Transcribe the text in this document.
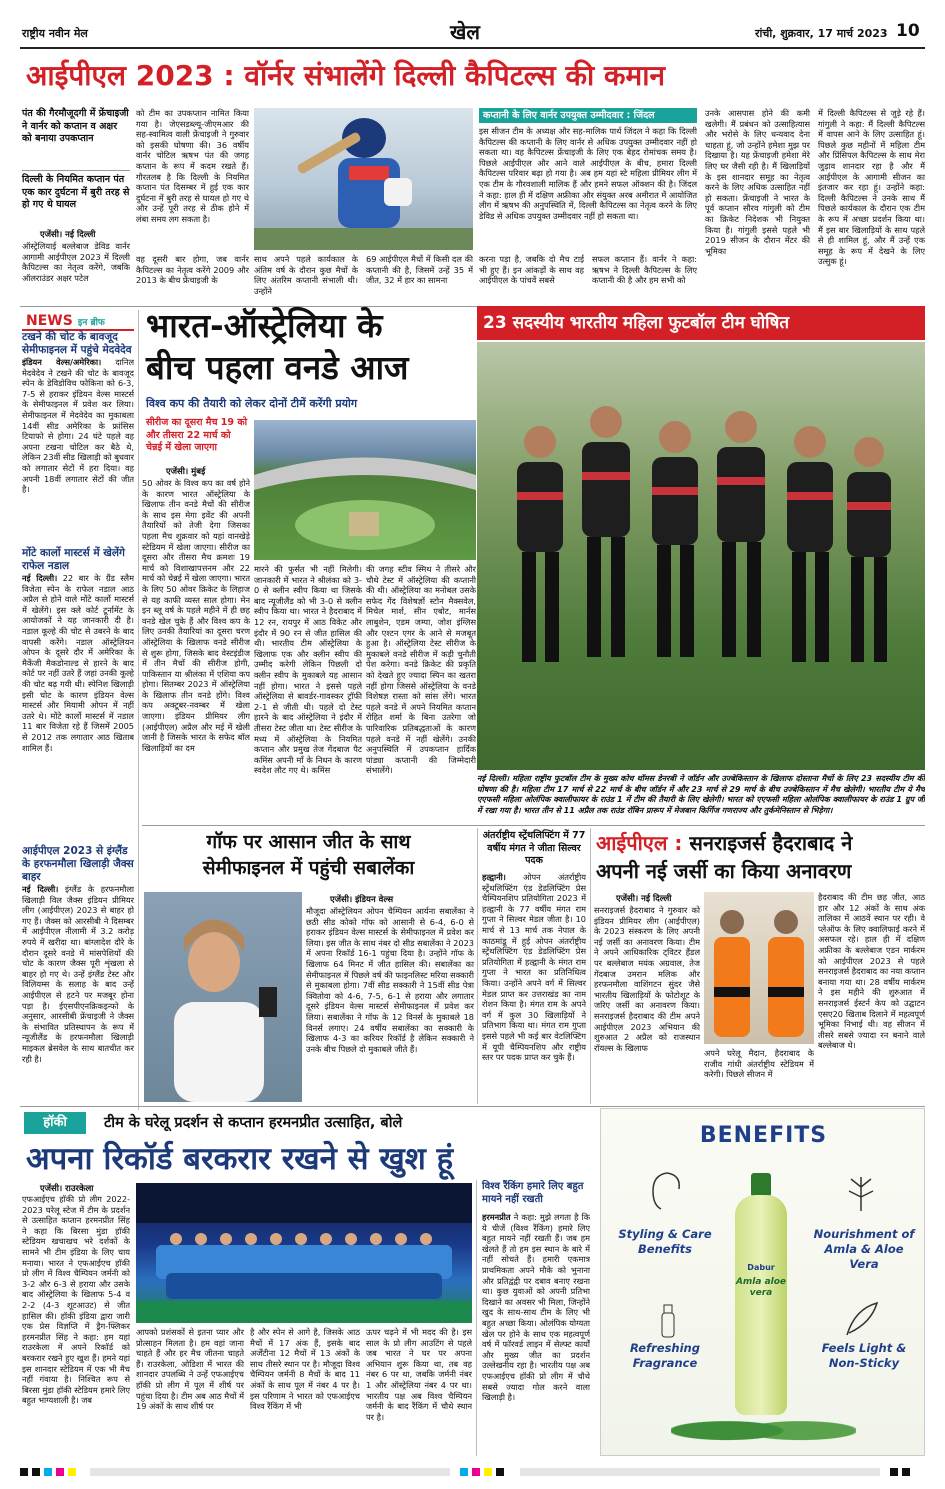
राष्ट्रीय नवीन मेल	खेल	रांची, शुक्रवार, 17 मार्च 2023 10
आईपीएल 2023 : वॉर्नर संभालेंगे दिल्ली कैपिटल्स की कमान
पंत की गैरमौजूदगी में फ्रेंचाइजी ने वार्नर को कप्तान व अक्षर को बनाया उपकप्तान
दिल्ली के नियमित कप्तान पंत एक कार दुर्घटना में बुरी तरह से हो गए थे घायल
एजेंसी। नई दिल्ली
ऑस्ट्रेलियाई बल्लेबाज डेविड वार्नर आगामी आईपीएल 2023 में दिल्ली कैपिटल्स का नेतृत्व करेंगे, जबकि ऑलराउंडर अक्षर पटेल
को टीम का उपकप्तान नामित किया गया है। जेएसडब्ल्यू-जीएमआर की सह-स्वामित्व वाली फ्रेंचाइजी ने गुरुवार को इसकी घोषणा की। 36 वर्षीय वार्नर चोटिल ऋषभ पंत की जगह कप्तान के रूप में कदम रखते हैं। गौरतलब है कि दिल्ली के नियमित कप्तान पंत दिसम्बर में हुई एक कार दुर्घटना में बुरी तरह से घायल हो गए थे और उन्हें पूरी तरह से ठीक होने में लंबा समय लग सकता है।
वह दूसरी बार होगा, जब वार्नर कैपिटल्स का नेतृत्व करेंगे 2009 और 2013 के बीच फ्रेंचाइजी के
साथ अपने पहले कार्यकाल के अंतिम वर्ष के दौरान कुछ मैचों के लिए अंतरिम कप्तानी संभाली थी। उन्होंने
69 आईपीएल मैचों में किसी दल की कप्तानी की है, जिसमें उन्हें 35 में जीत, 32 में हार का सामना
कप्तानी के लिए वार्नर उपयुक्त उम्मीदवार : जिंदल
इस सीजन टीम के अध्यक्ष और सह-मालिक पार्थ जिंदल ने कहा कि दिल्ली कैपिटल्स की कप्तानी के लिए वार्नर से अधिक उपयुक्त उम्मीदवार नहीं हो सकता था। वह कैपिटल्स फ्रेंचाइजी के लिए एक बेहद रोमांचक समय है। पिछले आईपीएल और आने वाले आईपीएल के बीच, हमारा दिल्ली कैपिटल्स परिवार बढ़ा हो गया है। अब हम यहां स्टे महिला प्रीमियर लीग में एक टीम के गौरवशाली मालिक हैं और हमने सफल ऑक्शन की है। जिंदल ने कहा: हाल ही में दक्षिण अफ्रीका और संयुक्त अरब अमीरात में आयोजित लीग में ऋषभ की अनुपस्थिति में, दिल्ली कैपिटल्स का नेतृत्व करने के लिए डेविड से अधिक उपयुक्त उम्मीदवार नहीं हो सकता था।
करना पड़ा है, जबकि दो मैच टाई भी हुए हैं। इन आंकड़ों के साथ वह आईपीएल के पांचवें सबसे
सफल कप्तान हैं। वार्नर ने कहा: ऋषभ ने दिल्ली कैपिटल्स के लिए कप्तानी की है और हम सभी को
उनके आसपास होने की कमी खलेगी। मैं प्रबंधन को उत्साहित्यास और भरोसे के लिए धन्यवाद देना चाहता हूं, जो उन्होंने हमेशा मुझ पर दिखाया है। यह फ्रेंचाइजी हमेशा मेरे लिए घर जैसी रही है। मैं खिलाड़ियों के इस शानदार समूह का नेतृत्व करने के लिए अधिक उत्साहित नहीं हो सकता। फ्रेंचाइजी ने भारत के पूर्व कप्तान सौरव गांगुली को टीम का क्रिकेट निदेशक भी नियुक्त किया है। गांगुली इससे पहले भी 2019 सीजन के दौरान मेंटर की भूमिका
में दिल्ली कैपिटल्स से जुड़े रहे हैं। गांगुली ने कहा: मैं दिल्ली कैपिटल्स में वापस आने के लिए उत्साहित हूं। पिछले कुछ महीनों में महिला टीम और प्रिंसिपल कैपिटल्स के साथ मेरा जुड़ाव शानदार रहा है और मैं आईपीएल के आगामी सीजन का इंतजार कर रहा हूं। उन्होंने कहा: दिल्ली कैपिटल्स ने उनके साथ मैं पिछले कार्यकाल के दौरान एक टीम के रूप में अच्छा प्रदर्शन किया था। मैं इस बार खिलाड़ियों के साथ पहले से ही शामिल हूं, और मैं उन्हें एक समूह के रूप में देखने के लिए उत्सुक हूं।
NEWS इन ब्रीफ
टखने की चोट के बावजूद सेमीफाइनल में पहुंचे मेदवेदेव
इंडियन वेल्स/अमेरिका। दानिल मेदवेदेव ने टखने की चोट के बावजूद स्पेन के डेविडोविच फोकिना को 6-3, 7-5 से हराकर इंडियन वेल्स मास्टर्स के सेमीफाइनल में प्रवेश कर लिया। सेमीफाइनल में मेदवेदेव का मुकाबला 14वीं सीड अमेरिका के फ्रांसिस टियाफो से होगा। 24 घंटे पहले वह अपना टखना चोटिल कर बैठे थे, लेकिन 23वीं सीड खिलाड़ी को बुधवार को लगातार सेटों में हरा दिया। वह अपनी 18वीं लगातार सेटों की जीत है।
मोंटे कार्लो मास्टर्स में खेलेंगे राफेल नडाल
नई दिल्ली। 22 बार के ग्रैंड स्लैम विजेता स्पेन के राफेल नडाल आठ अप्रैल से होने वाले मोंटे कार्लो मास्टर्स में खेलेंगे। इस क्ले कोर्ट टूर्नामेंट के आयोजकों ने यह जानकारी दी है। नडाल कूल्हे की चोट से उबरने के बाद वापसी करेंगे। नडाल ऑस्ट्रेलियन ओपन के दूसरे दौर में अमेरिका के मैकेंजी मैकडोनाल्ड से हारने के बाद कोर्ट पर नहीं उतरे हैं जहां उनकी कूल्हे की चोट बढ़ गयी थी। स्पेनिश खिलाड़ी इसी चोट के कारण इंडियन वेल्स मास्टर्स और मियामी ओपन में नहीं उतरे थे। मोंटे कार्लो मास्टर्स में नडाल 11 बार विजेता रहे हैं जिसमें 2005 से 2012 तक लगातार आठ खिताब शामिल हैं।
आईपीएल 2023 से इंग्लैंड के हरफनमौला खिलाड़ी जैक्स बाहर
नई दिल्ली। इंग्लैंड के हरफनमौला खिलाड़ी विल जैक्स इंडियन प्रीमियर लीग (आईपीएल) 2023 से बाहर हो गए हैं। जैक्स को आरसीबी ने दिसम्बर में आईपीएल नीलामी में 3.2 करोड़ रुपये में खरीदा था। बांग्लादेश दौरे के दौरान दूसरे वनडे में मांसपेशियों की चोट के कारण जैक्स पूरी शृंखला से बाहर हो गए थे। उन्हें इंग्लैंड टेस्ट और विलियम्स के सलाह के बाद उन्हें आईपीएल से हटने पर मजबूर होना पड़ा है। ईएसपीएनक्रिकइन्फो के अनुसार, आरसीबी फ्रेंचाइजी ने जैक्स के संभावित प्रतिस्थापन के रूप में न्यूजीलैंड के हरफनमौला खिलाड़ी माइकल ब्रेसवेल के साथ बातचीत कर रही है।
भारत-ऑस्ट्रेलिया के
बीच पहला वनडे आज
विश्व कप की तैयारी को लेकर दोनों टीमें करेंगी प्रयोग
सीरीज का दूसरा मैच 19 को और तीसरा 22 मार्च को चेन्नई में खेला जाएगा
एजेंसी। मुंबई
50 ओवर के विश्व कप का वर्ष होने के कारण भारत ऑस्ट्रेलिया के खिलाफ तीन वनडे मैचों की सीरीज के साथ इस मेगा इवेंट की अपनी तैयारियों को तेजी देगा जिसका पहला मैच शुक्रवार को यहां वानखेड़े स्टेडियम में खेला जाएगा। सीरीज का दूसरा और तीसरा मैच क्रमशः 19 मार्च को विशाखापत्तनम और 22 मार्च को चेन्नई में खेला जाएगा। भारत के लिए 50 ओवर क्रिकेट के लिहाज से यह काफी व्यस्त साल होगा। मेन इन ब्लू वर्ष के पहले महीने में ही छह वनडे खेल चुके हैं और विश्व कप के लिए उनकी तैयारियां का दूसरा चरण ऑस्ट्रेलिया के खिलाफ वनडे सीरीज से शुरू होगा, जिसके बाद वेस्टइंडीज में तीन मैचों की सीरीज होगी, पाकिस्तान या श्रीलंका में एशिया कप होगा। सितम्बर 2023 में ऑस्ट्रेलिया के खिलाफ तीन वनडे होंगे। विश्व कप अक्टूबर-नवम्बर में खेला जाएगा। इंडियन प्रीमियर लीग (आईपीएल) अप्रैल और मई में खेली जानी है जिसके भारत के सफेद बॉल खिलाड़ियों का दम
मारने की फुर्सत भी नहीं मिलेगी। जानकारी में भारत ने श्रीलंका को 3-0 से क्लीन स्वीप किया था जिसके बाद न्यूजीलैंड को भी 3-0 से क्लीन स्वीप किया था। भारत ने हैदराबाद में 12 रन, रायपुर में आठ विकेट और इंदौर में 90 रन से जीत हासिल की थी। भारतीय टीम ऑस्ट्रेलिया के खिलाफ एक और क्लीन स्वीप की उम्मीद करेगी लेकिन पिछली दो क्लीन स्वीप के मुकाबले यह आसान नहीं होगा। भारत ने इससे पहले ऑस्ट्रेलिया से बावर्डर-गावस्कर ट्रॉफी 2-1 से जीती थी। पहले दो टेस्ट हारने के बाद ऑस्ट्रेलिया ने इंदौर में तीसरा टेस्ट जीता था। टेस्ट सीरीज के मध्य में ऑस्ट्रेलिया के नियमित कप्तान और प्रमुख तेज गेंदबाज पैट कमिंस अपनी माँ के निधन के कारण स्वदेश लौट गए थे। कमिंस
की जगह स्टीव स्मिथ ने तीसरे और चौथे टेस्ट में ऑस्ट्रेलिया की कप्तानी की थी। ऑस्ट्रेलिया का मनोबल उसके सफेद गेंद विशेषज्ञों स्टोन मैक्सवेल, मिचेल मार्श, सीन एबोट, मार्नस लाबुशेन, एडम जम्पा, जोश इंग्लिस और एश्टन एगर के आने से मजबूत हुआ है। ऑस्ट्रेलिया टेस्ट सीरीज के मुकाबले वनडे सीरीज में कड़ी चुनौती पेश करेगा। वनडे क्रिकेट की प्रकृति को देखते हुए ज्यादा स्पिन का खतरा नहीं होगा जिससे ऑस्ट्रेलिया के वनडे विशेषज्ञ रास्ता को सांस लेंगे। भारत पहले वनडे में अपने नियमित कप्तान रोहित शर्मा के बिना उतरेगा जो पारिवारिक प्रतिबद्धताओं के कारण पहले वनडे में नहीं खेलेंगे। उनकी अनुपस्थिति में उपकप्तान हार्दिक पांड्या कप्तानी की जिम्मेदारी संभालेंगे।
23 सदस्यीय भारतीय महिला फुटबॉल टीम घोषित
नई दिल्ली। महिला राष्ट्रीय फुटबॉल टीम के मुख्य कोच थॉमस डेनरबी ने जॉर्डन और उज्बेकिस्तान के खिलाफ दोस्ताना मैचों के लिए 23 सदस्यीय टीम की घोषणा की है। महिला टीम 17 मार्च से 22 मार्च के बीच जॉर्डन में और 23 मार्च से 29 मार्च के बीच उज्बेकिस्तान में मैच खेलेगी। भारतीय टीम ये मैच एएफसी महिला ओलंपिक क्वालीफायर के राउंड 1 में टीम की तैयारी के लिए खेलेगी। भारत को एएफसी महिला ओलंपिक क्वालीफायर के राउंड 1 ग्रुप जी में रखा गया है। भारत तीन से 11 अप्रैल तक राउंड रॉबिन प्रारूप में मेजबान किर्गिज गणराज्य और तुर्कमेनिस्तान से भिड़ेगा।
गॉफ पर आसान जीत के साथ
सेमीफाइनल में पहुंची सबालेंका
एजेंसी। इंडियन वेल्स
मौजूदा ऑस्ट्रेलियन ओपन चैम्पियन आर्यना सबालेंका ने छठी सीड कोको गॉफ को आसानी से 6-4, 6-0 से हराकर इंडियन वेल्स मास्टर्स के सेमीफाइनल में प्रवेश कर लिया। इस जीत के साथ नंबर दो सीड सबालेंका ने 2023 में अपना रिकॉर्ड 16-1 पहुंचा दिया है। उन्होंने गॉफ के खिलाफ 64 मिनट में जीत हासिल की। सबालेंका का सेमीफाइनल में पिछले वर्ष की फाइनलिस्ट मरिया सक्कारी से मुकाबला होगा। 7वीं सीड सक्कारी ने 15वीं सीड पेत्रा क्वितोवा को 4-6, 7-5, 6-1 से हराया और लगातार दूसरे इंडियन वेल्स मास्टर्स सेमीफाइनल में प्रवेश कर लिया। सबालेंका ने गॉफ के 12 विनर्स के मुकाबले 18 विनर्स लगाए। 24 वर्षीय सबालेंका का सक्कारी के खिलाफ 4-3 का करियर रिकॉर्ड है लेकिन सक्कारी ने उनके बीच पिछले दो मुकाबले जीते हैं।
अंतर्राष्ट्रीय स्ट्रेंथलिफ्टिंग में 77 वर्षीय मंगत ने जीता सिल्वर पदक
हल्द्वानी। ओपन अंतर्राष्ट्रीय स्ट्रेंथलिफ्टिंग एंड डेडलिफ्टिंग प्रेस चैम्पियनशिप प्रतियोगिता 2023 में हल्द्वानी के 77 वर्षीय मंगत राम गुप्ता ने सिल्वर मेडल जीता है। 10 मार्च से 13 मार्च तक नेपाल के काठमांडू में हुई ओपन अंतर्राष्ट्रीय स्ट्रेंथलिफ्टिंग एंड डेडलिफ्टिंग प्रेस प्रतियोगिता में हल्द्वानी के मंगत राम गुप्ता ने भारत का प्रतिनिधित्व किया। उन्होंने अपने वर्ग में सिल्वर मेडल प्राप्त कर उत्तराखंड का नाम रोशन किया है। मंगत राम के अपने वर्ग में कुल 30 खिलाड़ियों ने प्रतिभाग किया था। मंगत राम गुप्ता इससे पहले भी कई बार वेटलिफ्टिंग में यूपी चैम्पियनशिप और राष्ट्रीय स्तर पर पदक प्राप्त कर चुके हैं।
आईपीएल : सनराइजर्स हैदराबाद ने
अपनी नई जर्सी का किया अनावरण
एजेंसी। नई दिल्ली
सनराइजर्स हैदराबाद ने गुरुवार को इंडियन प्रीमियर लीग (आईपीएल) के 2023 संस्करण के लिए अपनी नई जर्सी का अनावरण किया। टीम ने अपने आधिकारिक ट्विटर हैंडल पर बल्लेबाज मयंक अग्रवाल, तेज गेंदबाज उमरान मलिक और हरफनमौला वाशिंगटन सुंदर जैसे भारतीय खिलाड़ियों के फोटोशूट के जरिए जर्सी का अनावरण किया। सनराइजर्स हैदराबाद की टीम अपने आईपीएल 2023 अभियान की शुरुआत 2 अप्रैल को राजस्थान रॉयल्स के खिलाफ
अपने घरेलू मैदान, हैदराबाद के राजीव गांधी अंतर्राष्ट्रीय स्टेडियम में करेगी। पिछले सीजन में
हैदराबाद की टीम छह जीत, आठ हार और 12 अंकों के साथ अंक तालिका में आठवें स्थान पर रही। वे प्लेऑफ के लिए क्वालिफाई करने में असफल रहे। हाल ही में दक्षिण अफ्रीका के बल्लेबाज एडन मार्करम को आईपीएल 2023 से पहले सनराइजर्स हैदराबाद का नया कप्तान बनाया गया था। 28 वर्षीय मार्करम ने इस महीने की शुरुआत में सनराइजर्स ईस्टर्न केप को उद्घाटन एसए20 खिताब दिलाने में महत्वपूर्ण भूमिका निभाई थी। वह सीजन में तीसरे सबसे ज्यादा रन बनाने वाले बल्लेबाज थे।
हॉकी	टीम के घरेलू प्रदर्शन से कप्तान हरमनप्रीत उत्साहित, बोले
अपना रिकॉर्ड बरकरार रखने से खुश हूं
एजेंसी। राउरकेला
एफआईएच हॉकी प्रो लीग 2022-2023 घरेलू स्टेज में टीम के प्रदर्शन से उत्साहित कप्तान हरमनप्रीत सिंह ने कहा कि बिरसा मुंडा हॉकी स्टेडियम खचाखच भरे दर्शकों के सामने भी टीम इंडिया के लिए चाय मनाया। भारत ने एफआईएच हॉकी प्रो लीग में विश्व चैम्पियन जर्मनी को 3-2 और 6-3 से हराया और उसके बाद ऑस्ट्रेलिया के खिलाफ 5-4 व 2-2 (4-3 शूटआउट) से जीत हासिल की। हॉकी इंडिया द्वारा जारी एक प्रेस विज्ञप्ति में ड्रैग-फ्लिकर हरमनप्रीत सिंह ने कहा: हम यहां राउरकेला में अपने रिकॉर्ड को बरकरार रखने हुए खुश हैं। हमने यहां इस शानदार स्टेडियम में एक भी मैच नहीं गंवाया है। निश्चित रूप से बिरसा मुंडा हॉकी स्टेडियम हमारे लिए बहुत भाग्यशाली है। जब
आपको प्रशंसकों से इतना प्यार और प्रोत्साहन मिलता है। हम वहां जाना चाहते हैं और हर मैच जीतना चाहते हैं। राउरकेला, ओडिशा में भारत की शानदार उपलब्धि ने उन्हें एफआईएच हॉकी प्रो लीग में पूल में शीर्ष पर पहुंचा दिया है। टीम अब आठ मैचों में 19 अंकों के साथ शीर्ष पर
है और स्पेन से आगे है, जिसके आठ मैचों में 17 अंक हैं, इसके बाद अर्जेंटीना 12 मैचों में 13 अंकों के साथ तीसरे स्थान पर है। मौजूदा विश्व चैम्पियन जर्मनी 8 मैचों के बाद 11 अंकों के साथ पूल में नंबर 4 पर है। इस परिणाम ने भारत को एफआईएच विश्व रैंकिंग में भी
ऊपर चढ़ने में भी मदद की है। इस साल के प्रो लीग आउटिंग से पहले जब भारत ने घर पर अपना अभियान शुरू किया था, तब वह नंबर 6 पर था, जबकि जर्मनी नंबर 1 और ऑस्ट्रेलिया नंबर 4 पर था। भारतीय पक्ष अब विश्व चैम्पियन जर्मनी के बाद रैंकिंग में चौथे स्थान पर है।
विश्व रैंकिंग हमारे लिए बहुत मायने नहीं रखती
हरमनप्रीत ने कहा: मुझे लगता है कि ये चीजें (विश्व रैंकिंग) हमारे लिए बहुत मायने नहीं रखती हैं। जब हम खेलते हैं तो हम इस स्थान के बारे में नहीं सोचते हैं। हमारी एकमात्र प्राथमिकता अपने मौके को भुनाना और प्रतिद्वंद्वी पर दबाव बनाए रखना था। कुछ युवाओं को अपनी प्रतिभा दिखाने का अवसर भी मिला, जिन्होंने खुद के साथ-साथ टीम के लिए भी बहुत अच्छा किया। ओलंपिक योग्यता खेल पर होने के साथ एक महत्वपूर्ण वर्ष में फॉरवर्ड लाइन में सेल्फ्ट कार्यों और मुख्य जीत का प्रदर्शन उल्लेखनीय रहा है। भारतीय पक्ष अब एफआईएच हॉकी प्रो लीग में चौथे सबसे ज्यादा गोल करने वाला खिलाड़ी है।
BENEFITS
Styling & Care Benefits
Nourishment of Amla & Aloe Vera
Refreshing Fragrance
Feels Light & Non-Sticky
Dabur
Amla aloe vera
